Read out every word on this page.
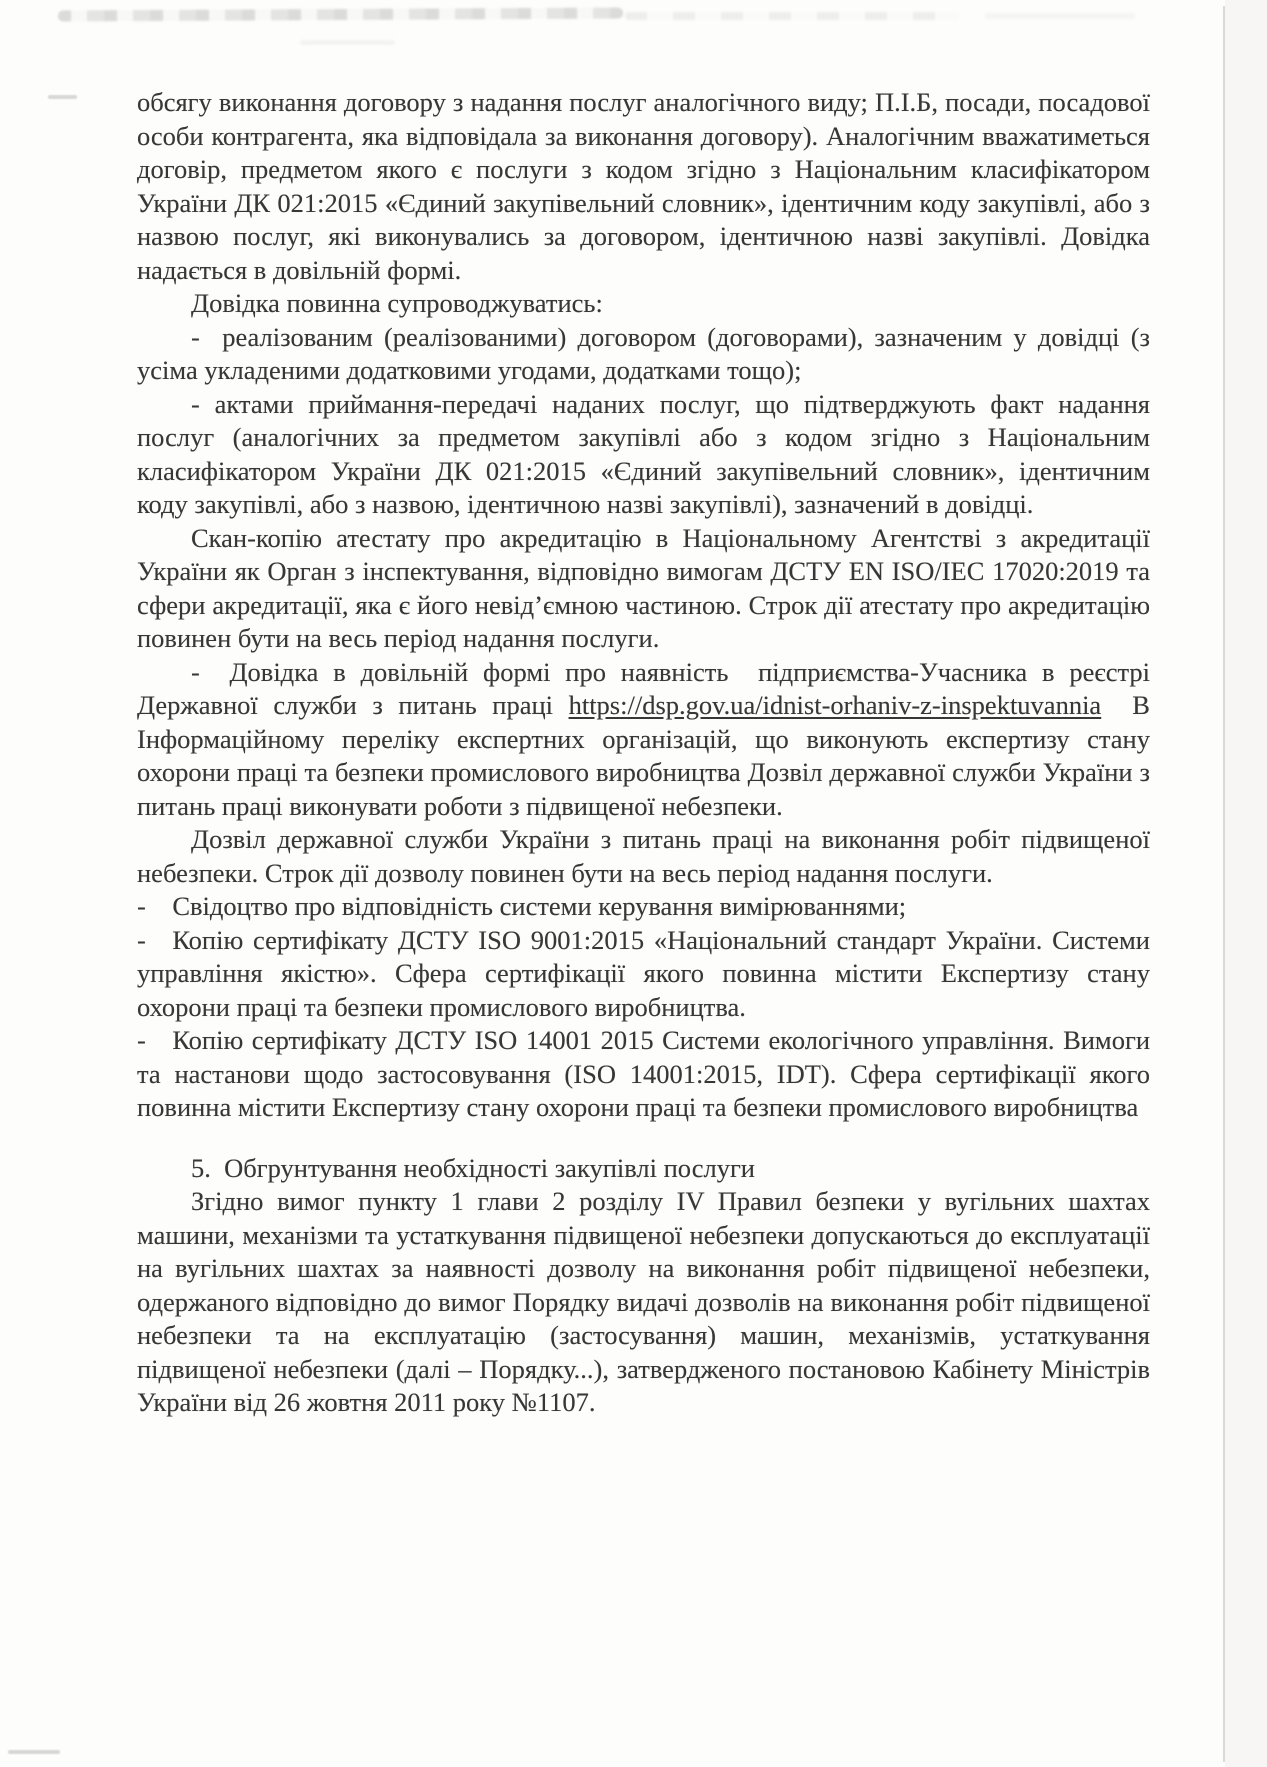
обсягу виконання договору з надання послуг аналогічного виду; П.І.Б, посади, посадової особи контрагента, яка відповідала за виконання договору). Аналогічним вважатиметься договір, предметом якого є послуги з кодом згідно з Національним класифікатором України ДК 021:2015 «Єдиний закупівельний словник», ідентичним коду закупівлі, або з назвою послуг, які виконувались за договором, ідентичною назві закупівлі. Довідка надається в довільній формі.

Довідка повинна супроводжуватись:

-  реалізованим (реалізованими) договором (договорами), зазначеним у довідці (з усіма укладеними додатковими угодами, додатками тощо);

- актами приймання-передачі наданих послуг, що підтверджують факт надання послуг (аналогічних за предметом закупівлі або з кодом згідно з Національним класифікатором України ДК 021:2015 «Єдиний закупівельний словник», ідентичним коду закупівлі, або з назвою, ідентичною назві закупівлі), зазначений в довідці.

Скан-копію атестату про акредитацію в Національному Агентстві з акредитації України як Орган з інспектування, відповідно вимогам ДСТУ EN ISO/IEC 17020:2019 та сфери акредитації, яка є його невід’ємною частиною. Строк дії атестату про акредитацію повинен бути на весь період надання послуги.

-  Довідка в довільній формі про наявність  підприємства-Учасника в реєстрі Державної служби з питань праці https://dsp.gov.ua/idnist-orhaniv-z-inspektuvannia  В Інформаційному переліку експертних організацій, що виконують експертизу стану охорони праці та безпеки промислового виробництва Дозвіл державної служби України з питань праці виконувати роботи з підвищеної небезпеки.

Дозвіл державної служби України з питань праці на виконання робіт підвищеної небезпеки. Строк дії дозволу повинен бути на весь період надання послуги.

-  Свідоцтво про відповідність системи керування вимірюваннями;

-  Копію сертифікату ДСТУ ISO 9001:2015 «Національний стандарт України. Системи управління якістю». Сфера сертифікації якого повинна містити Експертизу стану охорони праці та безпеки промислового виробництва.

-  Копію сертифікату ДСТУ ISO 14001 2015 Системи екологічного управління. Вимоги та настанови щодо застосовування (ISO 14001:2015, IDT). Сфера сертифікації якого повинна містити Експертизу стану охорони праці та безпеки промислового виробництва

5.  Обгрунтування необхідності закупівлі послуги

Згідно вимог пункту 1 глави 2 розділу IV Правил безпеки у вугільних шахтах машини, механізми та устаткування підвищеної небезпеки допускаються до експлуатації на вугільних шахтах за наявності дозволу на виконання робіт підвищеної небезпеки, одержаного відповідно до вимог Порядку видачі дозволів на виконання робіт підвищеної небезпеки та на експлуатацію (застосування) машин, механізмів, устаткування підвищеної небезпеки (далі – Порядку...), затвердженого постановою Кабінету Міністрів України від 26 жовтня 2011 року №1107.
